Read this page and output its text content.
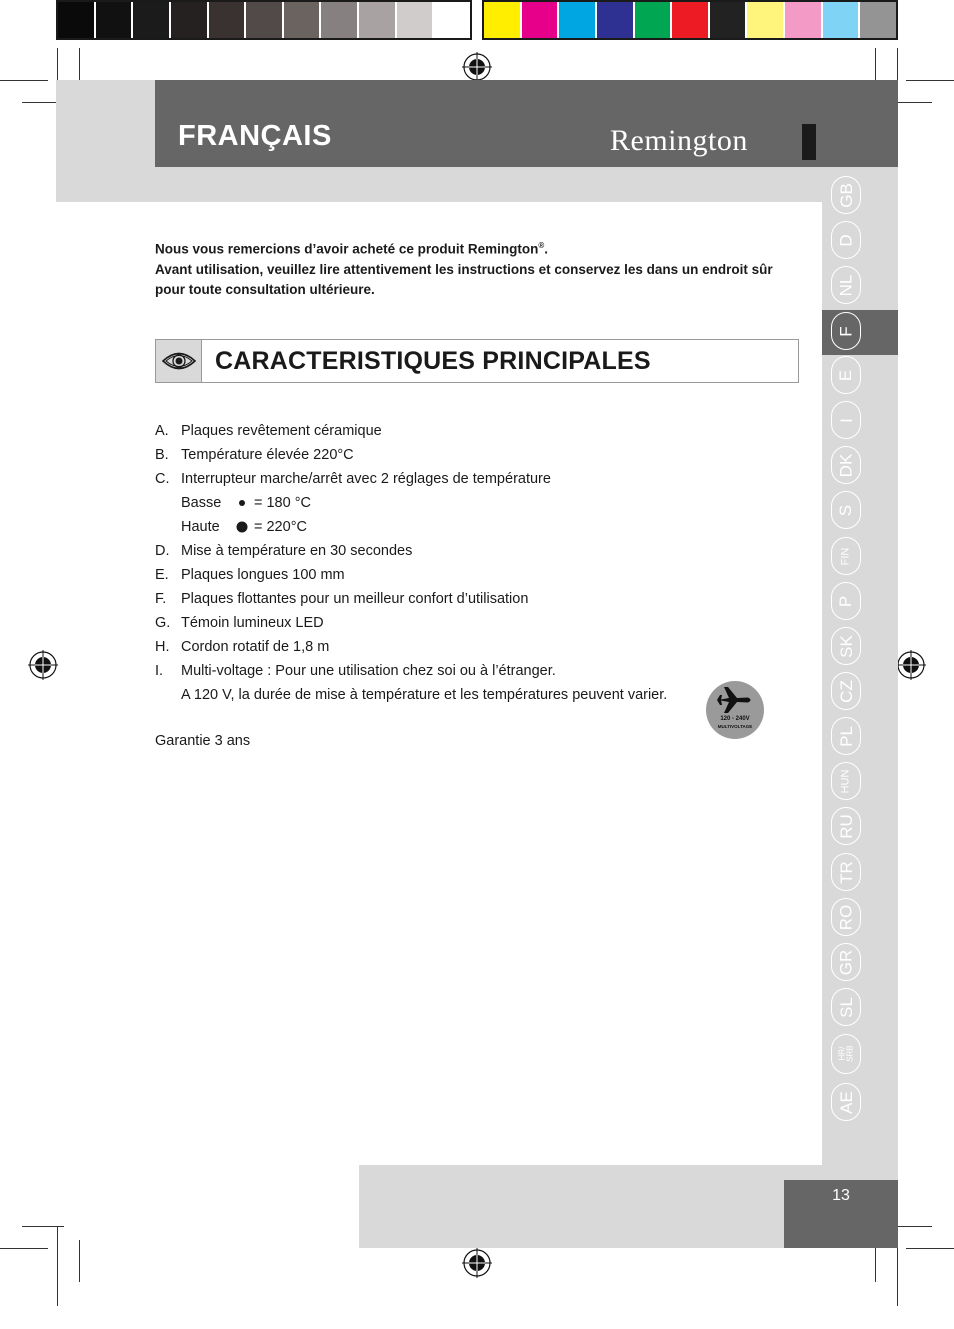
FRANÇAIS	Remington
GB
D
NL
F
E
I
DK
S
FIN
P
SK
CZ
PL
HUN
RU
TR
RO
GR
SL
HR/ SRB
AE

Nous vous remercions d’avoir acheté ce produit Remington®.

Avant utilisation, veuillez lire attentivement les instructions et conservez les dans un endroit sûr pour toute consultation ultérieure.

CARACTERISTIQUES PRINCIPALES
A. Plaques revêtement céramique
B. Température élevée 220°C
C. Interrupteur marche/arrêt avec 2 réglages de température
Basse = 180 °C
Haute = 220°C
D. Mise à température en 30 secondes
E. Plaques longues 100 mm
F.	Plaques flottantes pour un meilleur confort d’utilisation
G. Témoin lumineux LED
H. Cordon rotatif de 1,8 m
I.	Multi-voltage : Pour une utilisation chez soi ou à l’étranger.
A 120 V, la durée de mise à température et les températures peuvent varier.
120 - 240V
MULTIVOLTAGE
Garantie 3 ans
13
